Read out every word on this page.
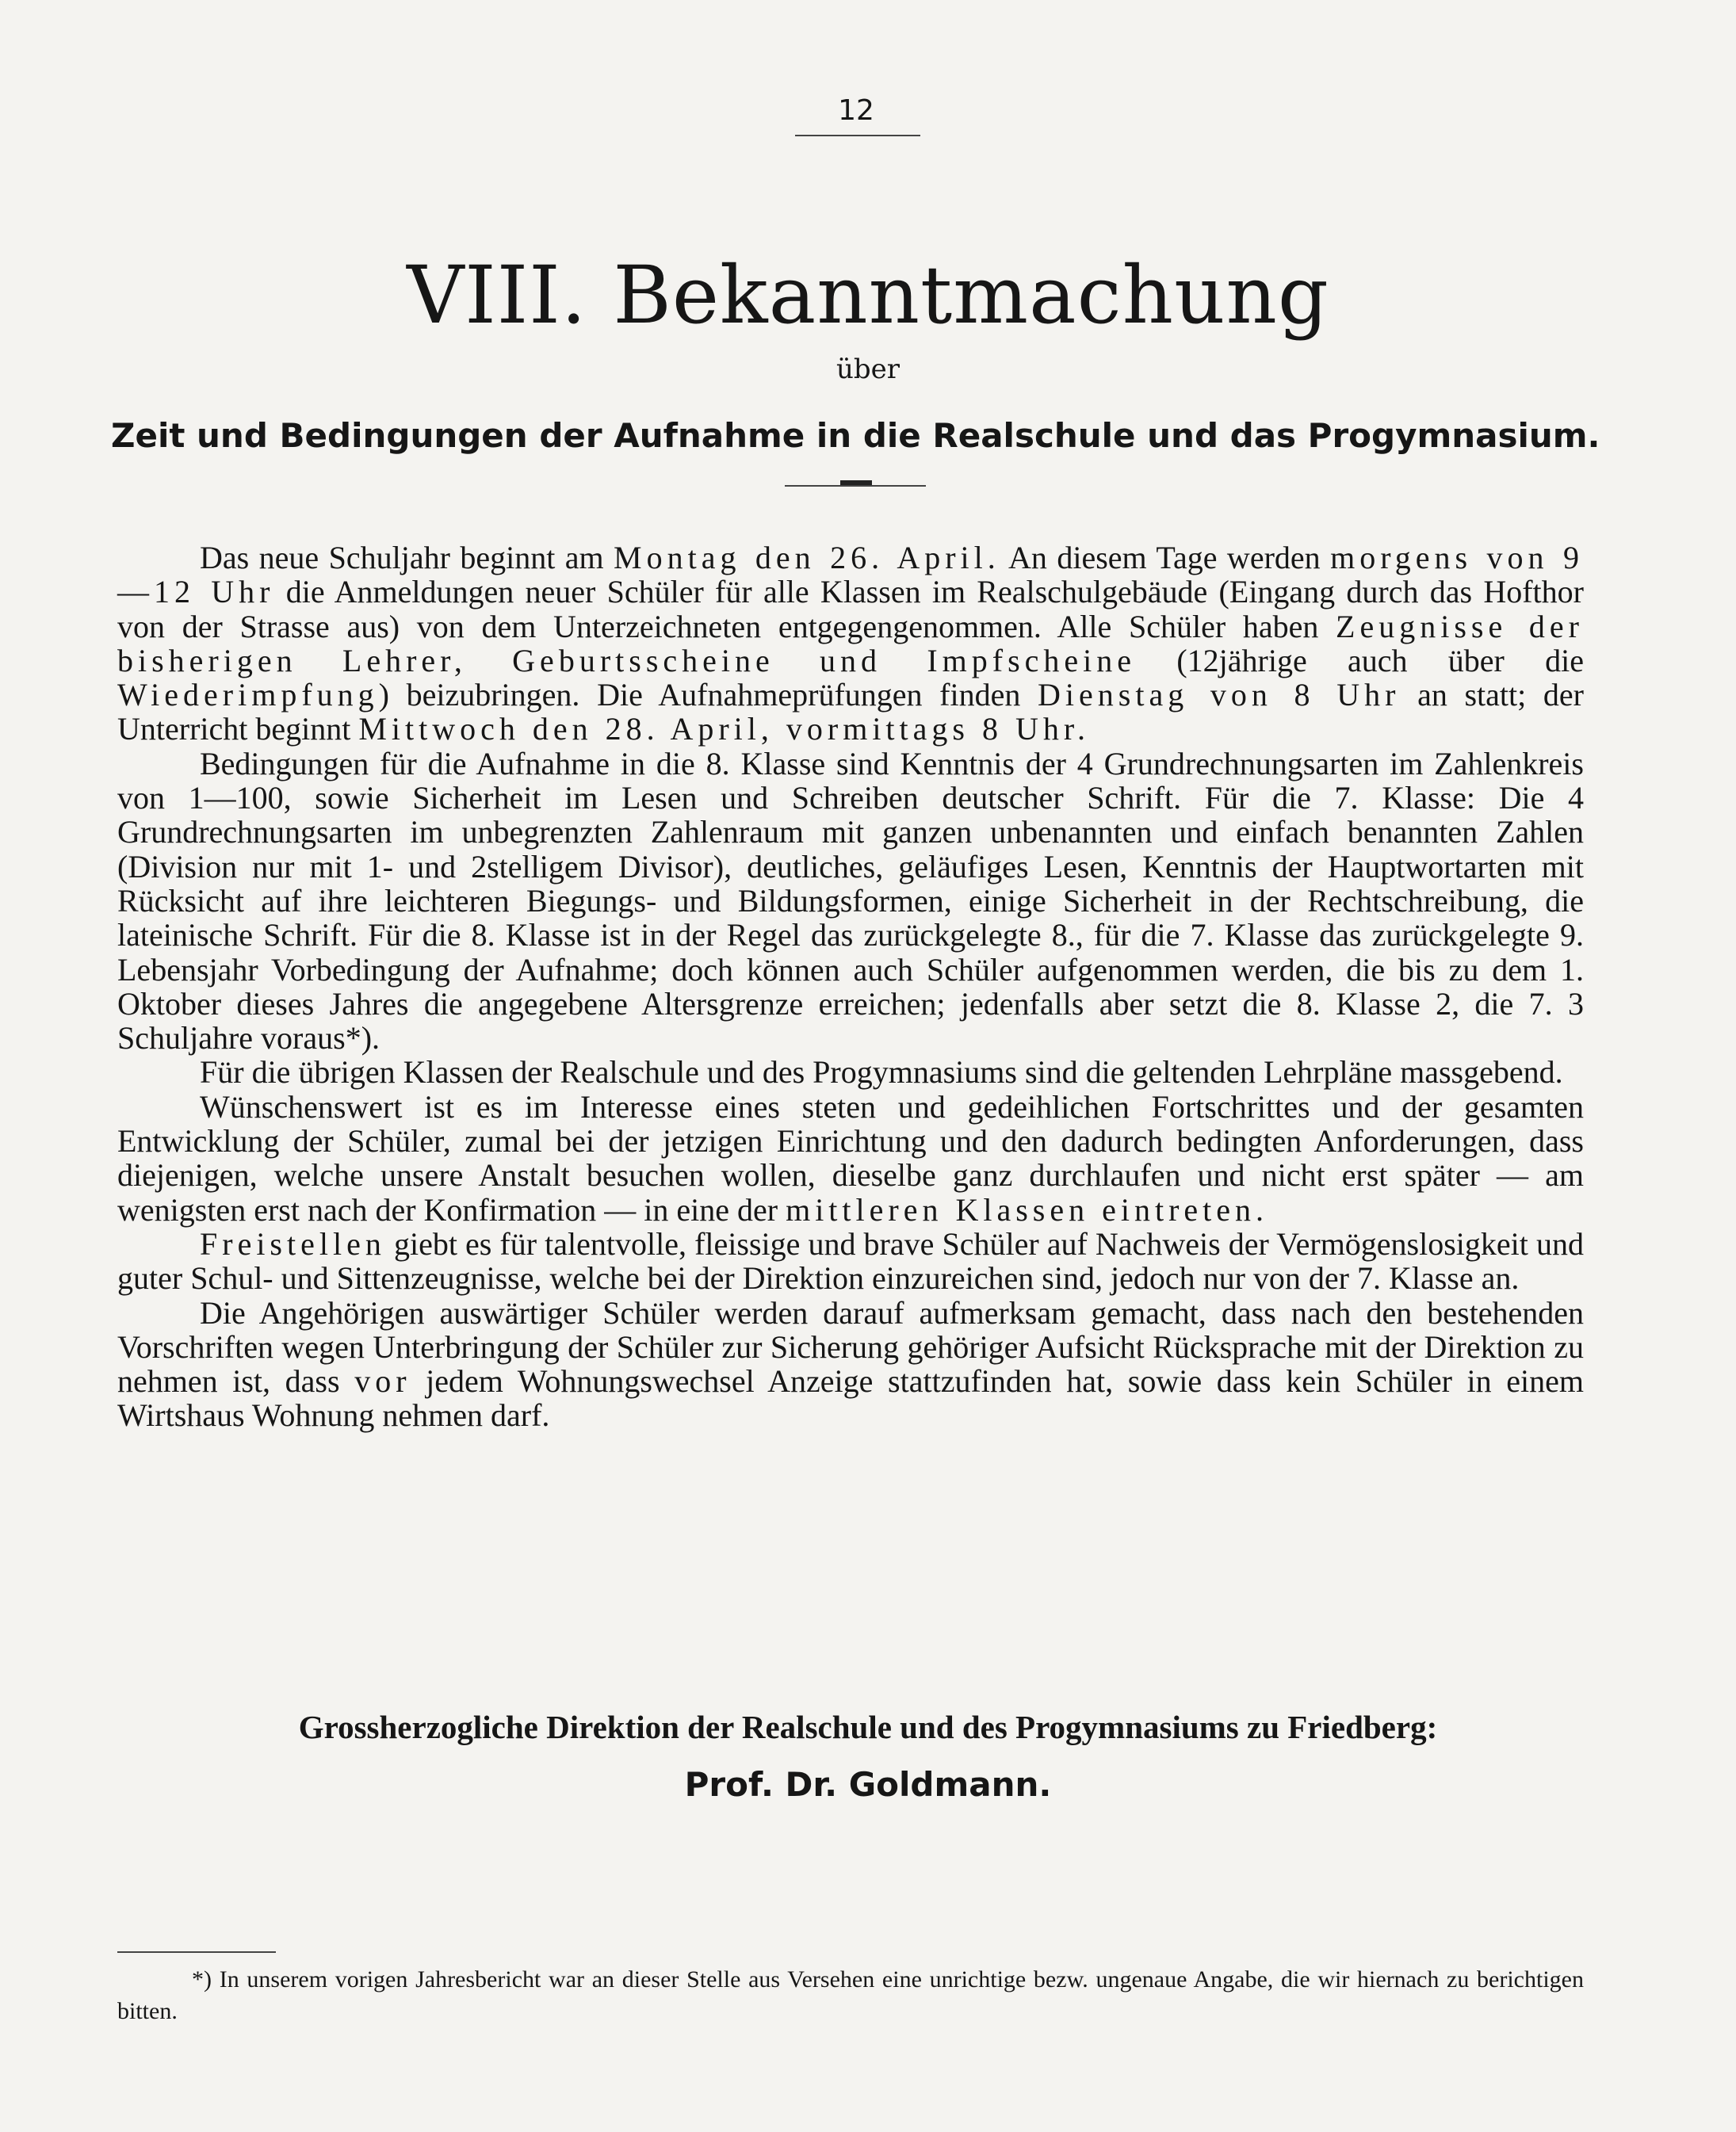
12
VIII. Bekanntmachung
über
Zeit und Bedingungen der Aufnahme in die Realschule und das Progymnasium.

Das neue Schuljahr beginnt am Montag den 26. April. An diesem Tage werden morgens von 9—12 Uhr die Anmeldungen neuer Schüler für alle Klassen im Realschulgebäude (Eingang durch das Hofthor von der Strasse aus) von dem Unterzeichneten entgegengenommen. Alle Schüler haben Zeugnisse der bisherigen Lehrer, Geburtsscheine und Impfscheine (12jährige auch über die Wiederimpfung) beizubringen. Die Aufnahmeprüfungen finden Dienstag von 8 Uhr an statt; der Unterricht beginnt Mittwoch den 28. April, vormittags 8 Uhr.

Bedingungen für die Aufnahme in die 8. Klasse sind Kenntnis der 4 Grundrechnungsarten im Zahlenkreis von 1—100, sowie Sicherheit im Lesen und Schreiben deutscher Schrift. Für die 7. Klasse: Die 4 Grundrechnungsarten im unbegrenzten Zahlenraum mit ganzen unbenannten und einfach benannten Zahlen (Division nur mit 1- und 2stelligem Divisor), deutliches, geläufiges Lesen, Kenntnis der Hauptwortarten mit Rücksicht auf ihre leichteren Biegungs- und Bildungsformen, einige Sicherheit in der Rechtschreibung, die lateinische Schrift. Für die 8. Klasse ist in der Regel das zurückgelegte 8., für die 7. Klasse das zurückgelegte 9. Lebensjahr Vorbedingung der Aufnahme; doch können auch Schüler aufgenommen werden, die bis zu dem 1. Oktober dieses Jahres die angegebene Altersgrenze erreichen; jedenfalls aber setzt die 8. Klasse 2, die 7. 3 Schuljahre voraus*).

Für die übrigen Klassen der Realschule und des Progymnasiums sind die geltenden Lehrpläne massgebend.

Wünschenswert ist es im Interesse eines steten und gedeihlichen Fortschrittes und der gesamten Entwicklung der Schüler, zumal bei der jetzigen Einrichtung und den dadurch bedingten Anforderungen, dass diejenigen, welche unsere Anstalt besuchen wollen, dieselbe ganz durchlaufen und nicht erst später — am wenigsten erst nach der Konfirmation — in eine der mittleren Klassen eintreten.

Freistellen giebt es für talentvolle, fleissige und brave Schüler auf Nachweis der Vermögenslosigkeit und guter Schul- und Sittenzeugnisse, welche bei der Direktion einzureichen sind, jedoch nur von der 7. Klasse an.

Die Angehörigen auswärtiger Schüler werden darauf aufmerksam gemacht, dass nach den bestehenden Vorschriften wegen Unterbringung der Schüler zur Sicherung gehöriger Aufsicht Rücksprache mit der Direktion zu nehmen ist, dass vor jedem Wohnungswechsel Anzeige stattzufinden hat, sowie dass kein Schüler in einem Wirtshaus Wohnung nehmen darf.

Grossherzogliche Direktion der Realschule und des Progymnasiums zu Friedberg:
Prof. Dr. Goldmann.
*) In unserem vorigen Jahresbericht war an dieser Stelle aus Versehen eine unrichtige bezw. ungenaue Angabe, die wir hiernach zu berichtigen bitten.
